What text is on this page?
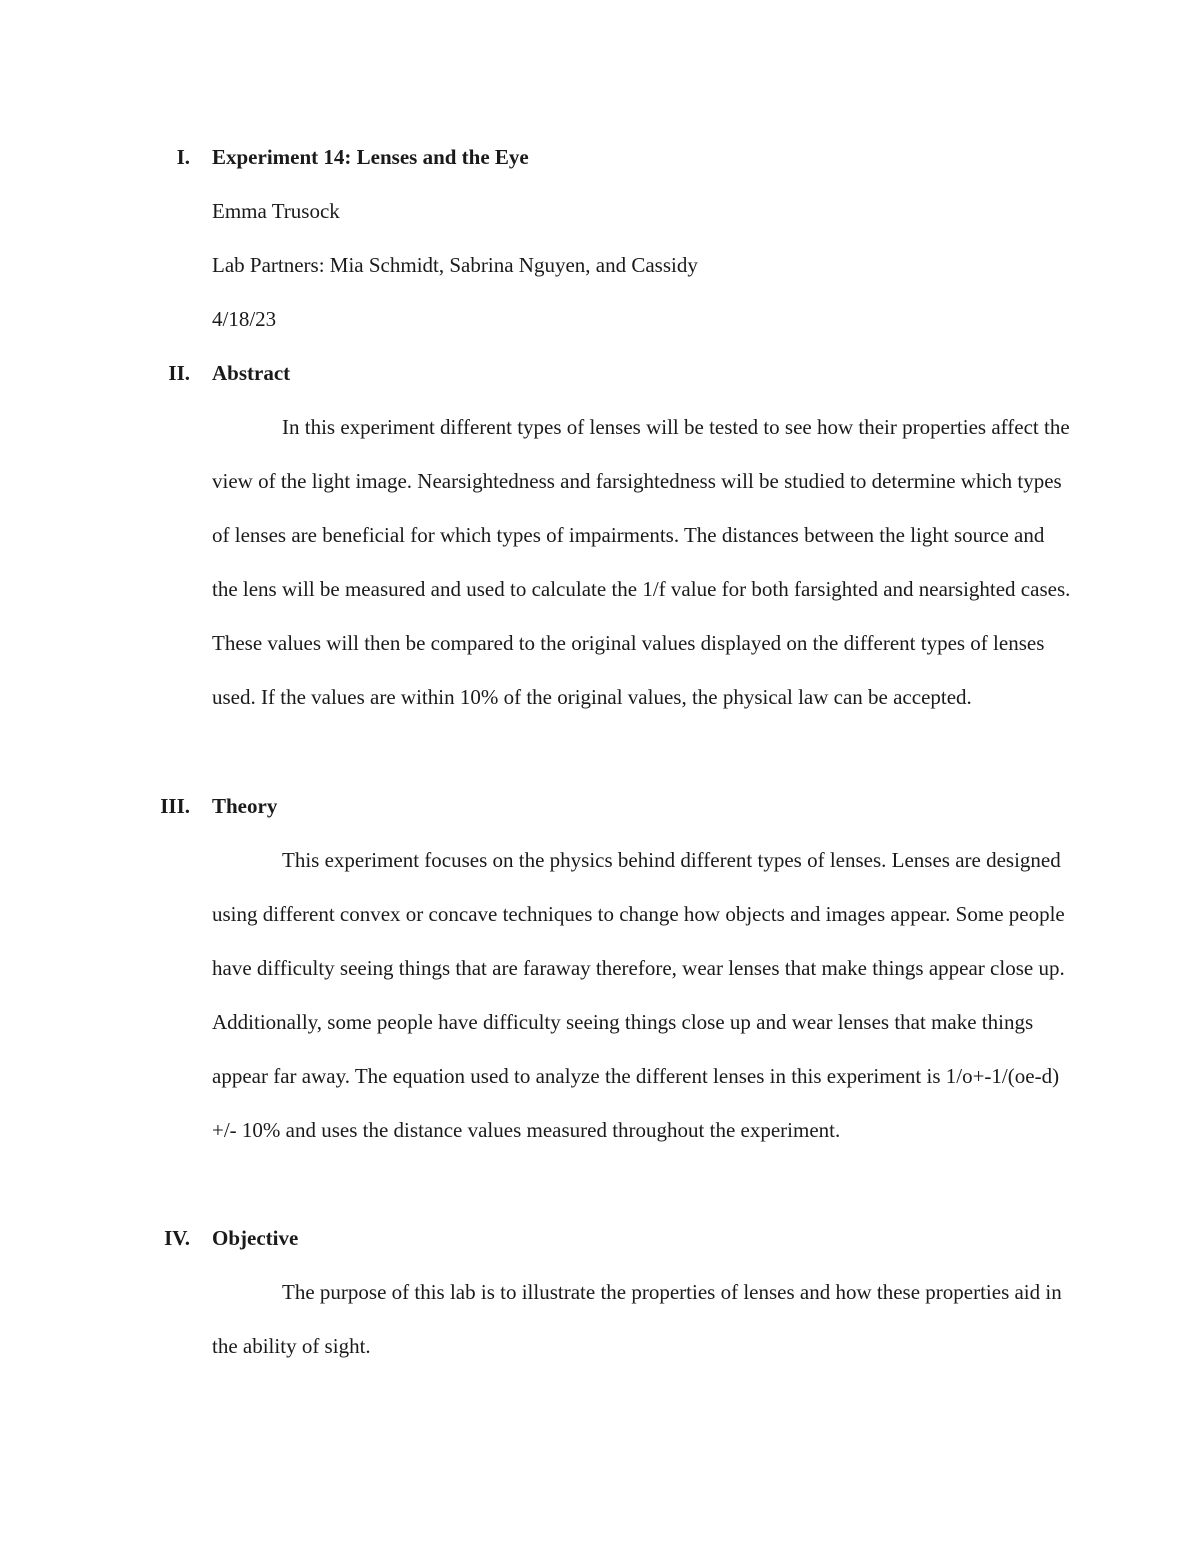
I. Experiment 14: Lenses and the Eye
Emma Trusock
Lab Partners: Mia Schmidt, Sabrina Nguyen, and Cassidy
4/18/23
II. Abstract

In this experiment different types of lenses will be tested to see how their properties affect the view of the light image. Nearsightedness and farsightedness will be studied to determine which types of lenses are beneficial for which types of impairments. The distances between the light source and the lens will be measured and used to calculate the 1/f value for both farsighted and nearsighted cases. These values will then be compared to the original values displayed on the different types of lenses used. If the values are within 10% of the original values, the physical law can be accepted.

III. Theory

This experiment focuses on the physics behind different types of lenses. Lenses are designed using different convex or concave techniques to change how objects and images appear. Some people have difficulty seeing things that are faraway therefore, wear lenses that make things appear close up. Additionally, some people have difficulty seeing things close up and wear lenses that make things appear far away. The equation used to analyze the different lenses in this experiment is 1/o+-1/(oe-d) +/- 10% and uses the distance values measured throughout the experiment.

IV. Objective

The purpose of this lab is to illustrate the properties of lenses and how these properties aid in the ability of sight.
